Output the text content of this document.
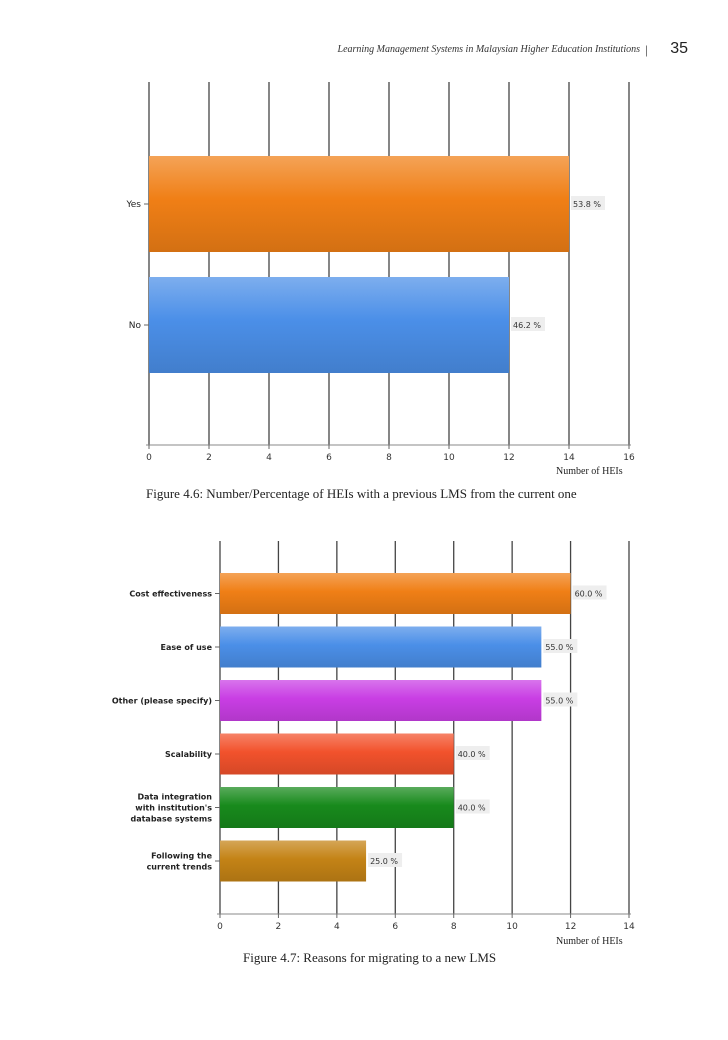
Learning Management Systems in Malaysian Higher Education Institutions | 35
0	2	4	6	8	10	12	14	16
Yes	53.8 %
No	46.2 %
Number of HEIs
Figure 4.6: Number/Percentage of HEIs with a previous LMS from the current one
0	2	4	6	8	10	12	14
Cost effectiveness	60.0 %
Ease of use	55.0 %
Other (please specify)	55.0 %
Scalability	40.0 %
Data integration with institution's database systems
40.0 %
Following the current trends
25.0 %
Number of HEIs
Figure 4.7: Reasons for migrating to a new LMS
